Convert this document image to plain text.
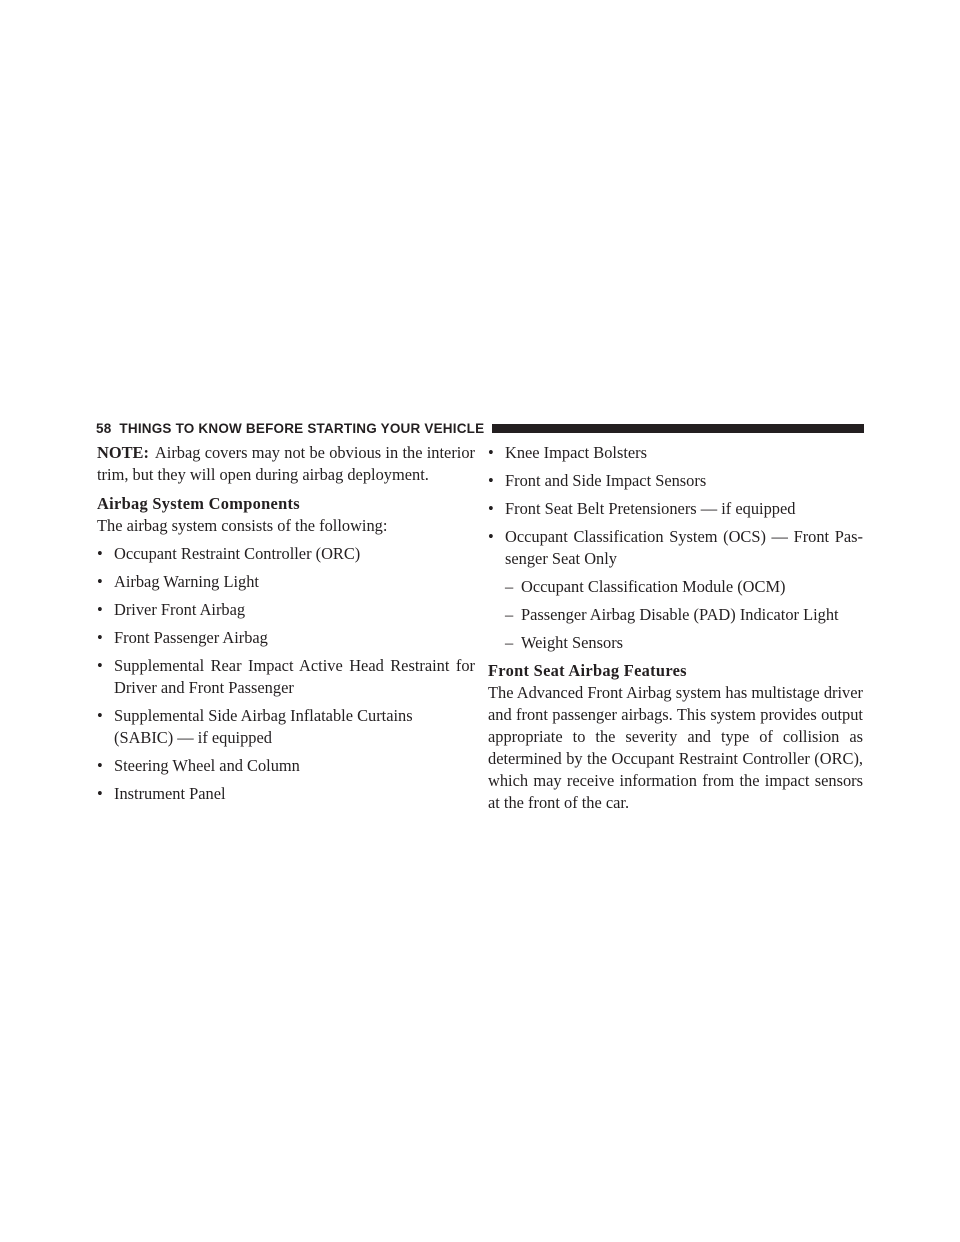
58 THINGS TO KNOW BEFORE STARTING YOUR VEHICLE

NOTE: Airbag covers may not be obvious in the interior trim, but they will open during airbag deployment.

Airbag System Components

The airbag system consists of the following:

• Occupant Restraint Controller (ORC)
• Airbag Warning Light
• Driver Front Airbag
• Front Passenger Airbag
• Supplemental Rear Impact Active Head Restraint for Driver and Front Passenger
• Supplemental Side Airbag Inflatable Curtains (SABIC) — if equipped
• Steering Wheel and Column
• Instrument Panel
• Knee Impact Bolsters
• Front and Side Impact Sensors
• Front Seat Belt Pretensioners — if equipped
• Occupant Classification System (OCS) — Front Passenger Seat Only
– Occupant Classification Module (OCM)
– Passenger Airbag Disable (PAD) Indicator Light
– Weight Sensors

Front Seat Airbag Features

The Advanced Front Airbag system has multistage driver and front passenger airbags. This system provides output appropriate to the severity and type of collision as determined by the Occupant Restraint Controller (ORC), which may receive information from the impact sensors at the front of the car.
